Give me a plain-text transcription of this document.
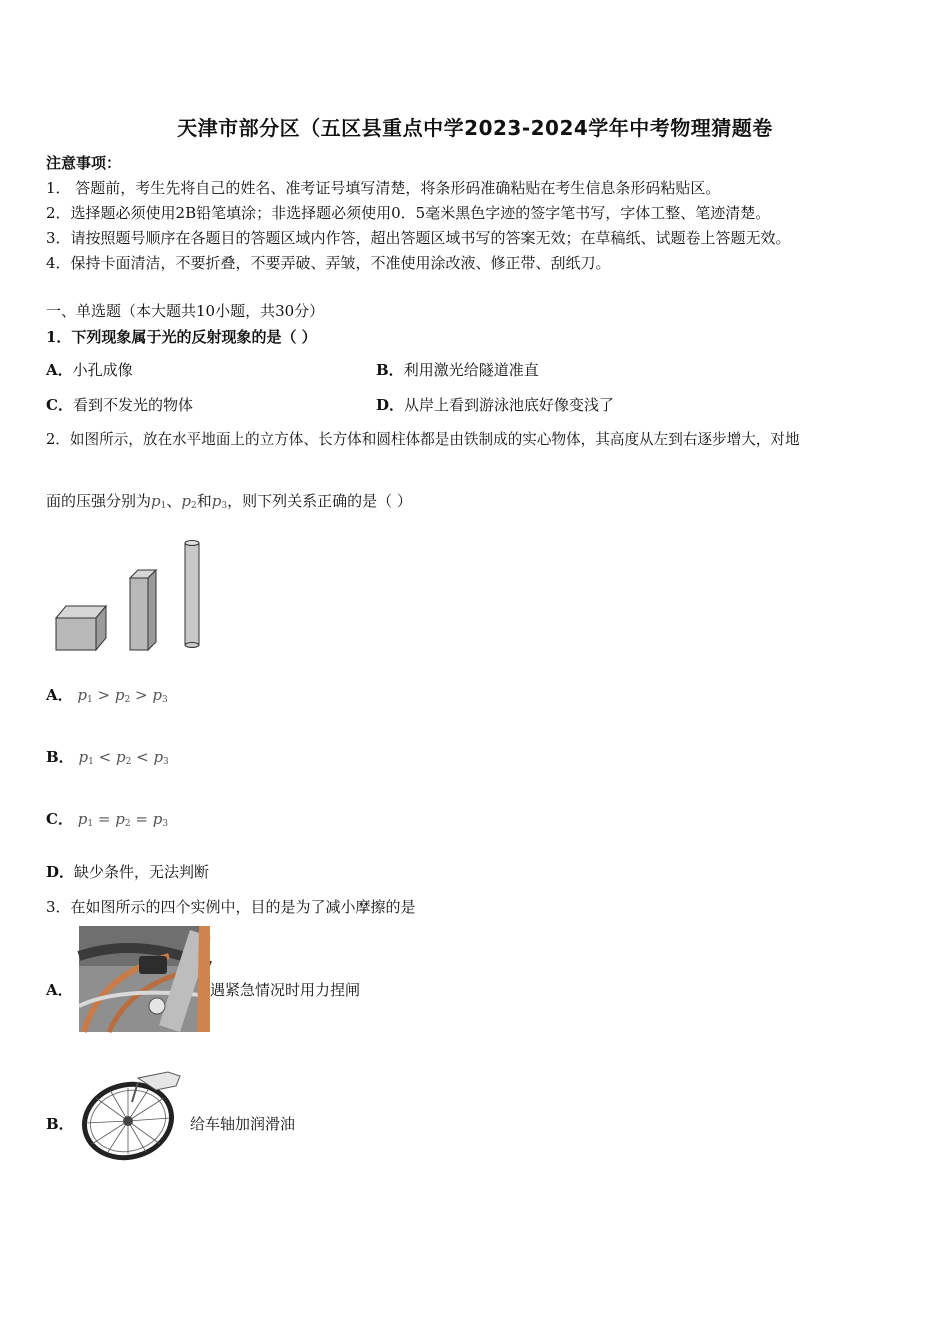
天津市部分区（五区县重点中学2023-2024学年中考物理猜题卷
注意事项：
1． 答题前，考生先将自己的姓名、准考证号填写清楚，将条形码准确粘贴在考生信息条形码粘贴区。
2．选择题必须使用2B铅笔填涂；非选择题必须使用0．5毫米黑色字迹的签字笔书写，字体工整、笔迹清楚。
3．请按照题号顺序在各题目的答题区域内作答，超出答题区域书写的答案无效；在草稿纸、试题卷上答题无效。
4．保持卡面清洁，不要折叠，不要弄破、弄皱，不准使用涂改液、修正带、刮纸刀。
一、单选题（本大题共10小题，共30分）
1．下列现象属于光的反射现象的是（ ）
A．小孔成像	B．利用激光给隧道准直
C．看到不发光的物体	D．从岸上看到游泳池底好像变浅了
2．如图所示，放在水平地面上的立方体、长方体和圆柱体都是由铁制成的实心物体，其高度从左到右逐步增大，对地
面的压强分别为$p_1$、$p_2$和$p_3$，则下列关系正确的是（ ）
A． $p_1 > p_2 > p_3$
B． $p_1 < p_2 < p_3$
C． $p_1 = p_2 = p_3$
D．缺少条件，无法判断
3．在如图所示的四个实例中，目的是为了减小摩擦的是
A．	遇紧急情况时用力捏闸
B．	给车轴加润滑油
